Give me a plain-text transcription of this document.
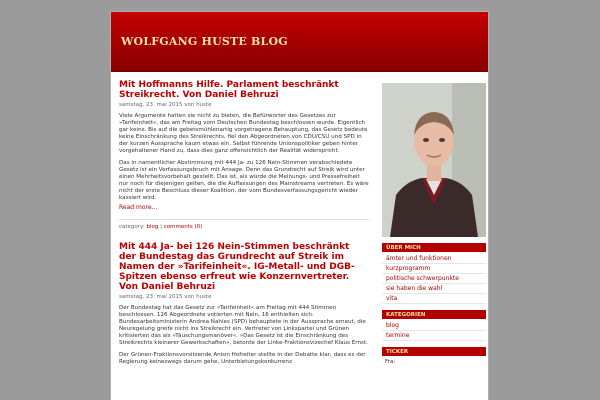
WOLFGANG HUSTE BLOG
Mit Hoffmanns Hilfe. Parlament beschränkt Streikrecht. Von Daniel Behruzi
samstag, 23. mai 2015 von huste

Viele Argumente hatten sie nicht zu bieten, die Befürworter des Gesetzes zur »Tarifeinheit«, das am Freitag vom Deutschen Bundestag beschlossen wurde. Eigentlich gar keins. Bis auf die gebetsmühlenartig vorgetragene Behauptung, das Gesetz bedeute keine Einschränkung des Streikrechts, fiel den Abgeordneten von CDU/CSU und SPD in der kurzen Aussprache kaum etwas ein. Selbst führende Unionspolitiker geben hinter vorgehaltener Hand zu, dass dies ganz offensichtlich der Realität widerspricht.

Das in namentlicher Abstimmung mit 444 Ja- zu 126 Nein-Stimmen verabschiedete Gesetz ist ein Verfassungsbruch mit Ansage. Denn das Grundrecht auf Streik wird unter einen Mehrheitsvorbehalt gestellt. Das ist, als würde die Meinungs- und Pressefreiheit nur noch für diejenigen gelten, die die Auffassungen des Mainstreams vertreten. Es wäre nicht der erste Beschluss dieser Koalition, der vom Bundesverfassungsgericht wieder kassiert wird.

Read more...
category: blog | comments (0)
Mit 444 Ja- bei 126 Nein-Stimmen beschränkt der Bundestag das Grundrecht auf Streik im Namen der »Tarifeinheit«. IG-Metall- und DGB-Spitzen ebenso erfreut wie Konzernvertreter. Von Daniel Behruzi
samstag, 23. mai 2015 von huste

Der Bundestag hat das Gesetz zur »Tarifeinheit« am Freitag mit 444 Stimmen beschlossen. 126 Abgeordnete votierten mit Nein, 16 enthielten sich. Bundesarbeitsministerin Andrea Nahles (SPD) behauptete in der Aussprache erneut, die Neuregelung greife nicht ins Streikrecht ein. Vertreter von Linkspartei und Grünen kritisierten das als »Täuschungsmanöver«. »Das Gesetz ist die Einschränkung des Streikrechts kleinerer Gewerkschaften«, betonte der Linke-Fraktionsvizechef Klaus Ernst.

Der Grünen-Fraktionsvorsitzende Anton Hofreiter stellte in der Debatte klar, dass es der Regierung keineswegs darum gehe, Unterbietungskonkurrenz

ÜBER MICH
ämter und funktionen
kurzprogramm
politische schwerpunkte
sie haben die wahl
vita
KATEGORIEN
blog
termine
TICKER
Fra:
